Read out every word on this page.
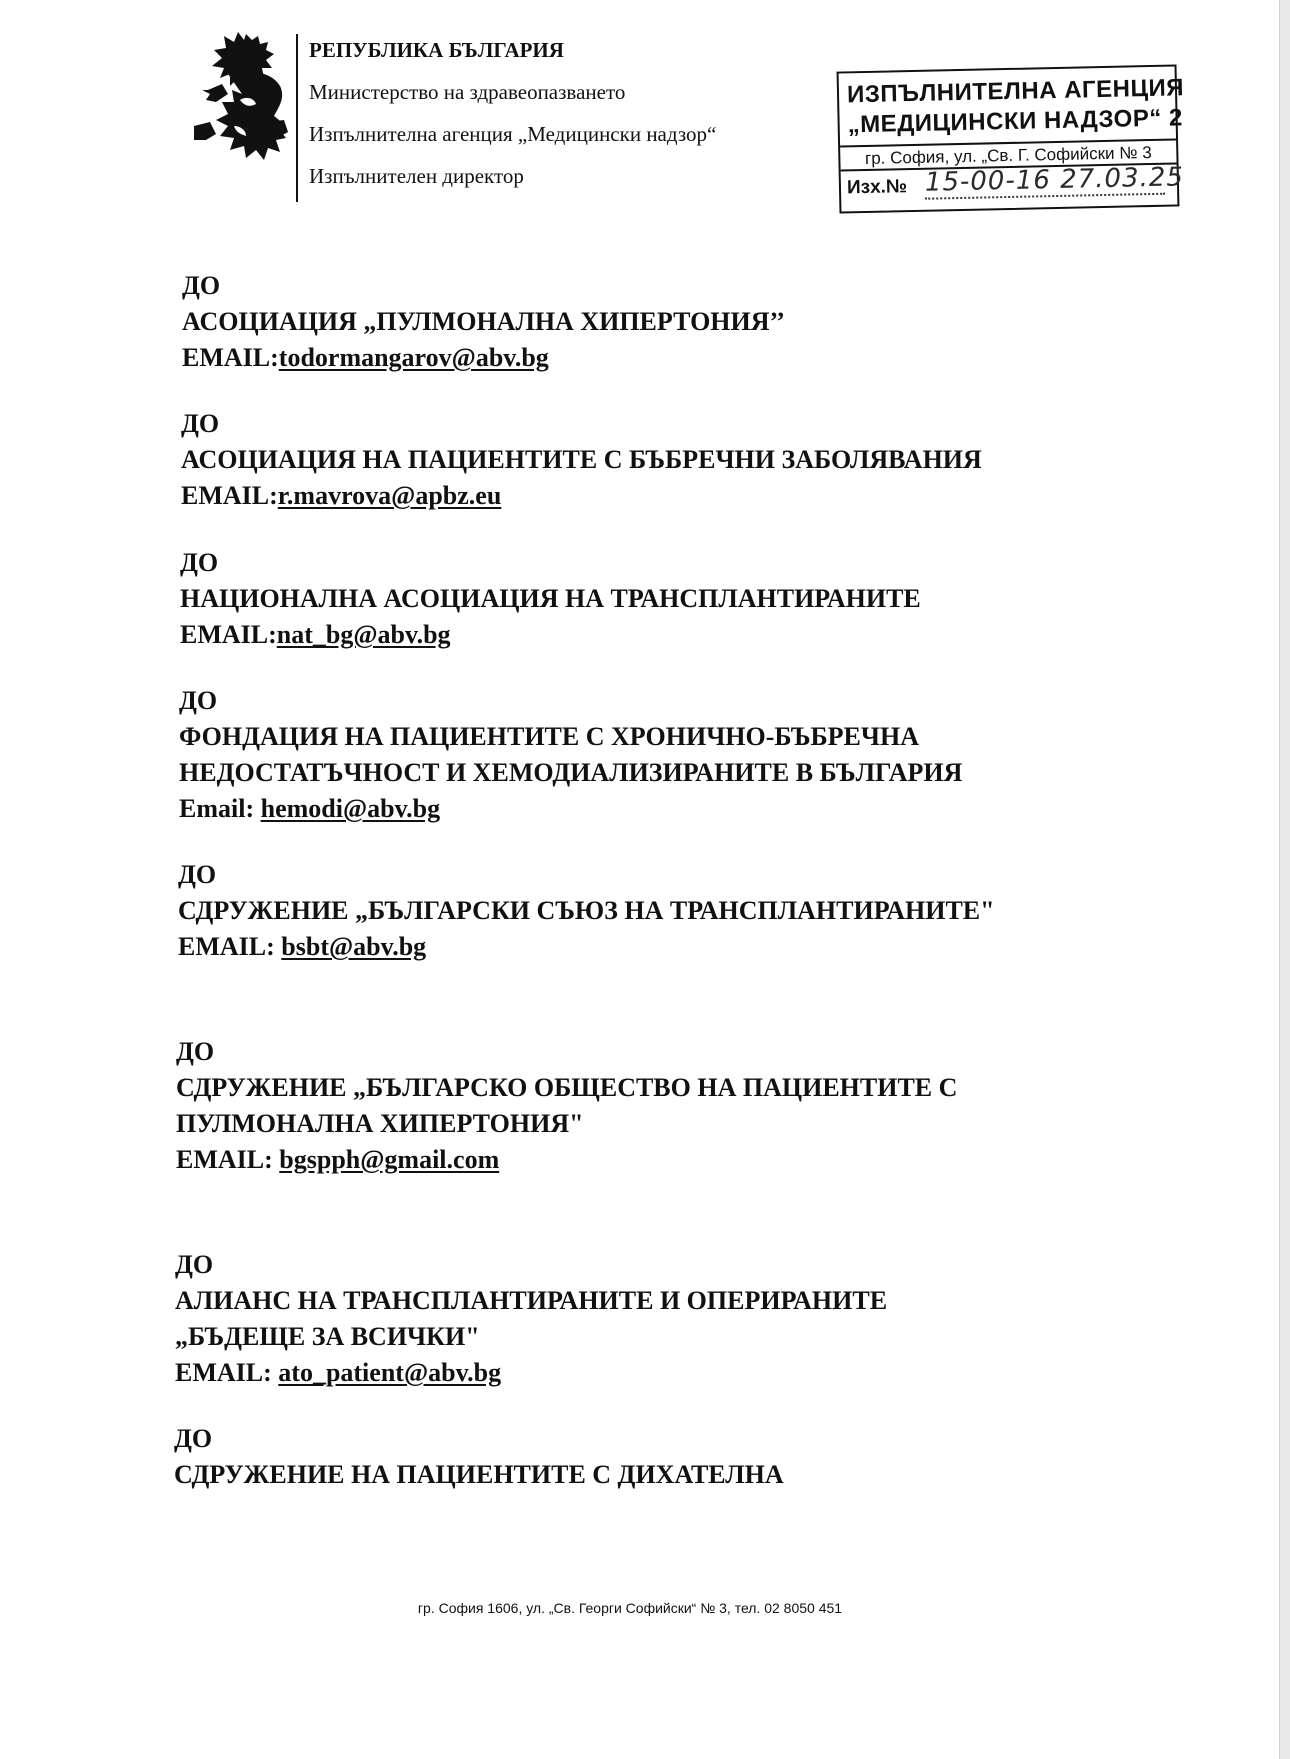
РЕПУБЛИКА БЪЛГАРИЯ
Министерство на здравеопазването
Изпълнителна агенция „Медицински надзор“
Изпълнителен директор
ИЗПЪЛНИТЕЛНА АГЕНЦИЯ
„МЕДИЦИНСКИ НАДЗОР“ 2
гр. София, ул. „Св. Г. Софийски № 3
Изх.№ 15-00-16 27.03.25
ДО
АСОЦИАЦИЯ „ПУЛМОНАЛНА ХИПЕРТОНИЯ’’
EMAIL:todormangarov@abv.bg
ДО
АСОЦИАЦИЯ НА ПАЦИЕНТИТЕ С БЪБРЕЧНИ ЗАБОЛЯВАНИЯ
EMAIL:r.mavrova@apbz.eu
ДО
НАЦИОНАЛНА АСОЦИАЦИЯ НА ТРАНСПЛАНТИРАНИТЕ
EMAIL:nat_bg@abv.bg
ДО
ФОНДАЦИЯ НА ПАЦИЕНТИТЕ С ХРОНИЧНО-БЪБРЕЧНА
НЕДОСТАТЪЧНОСТ И ХЕМОДИАЛИЗИРАНИТЕ В БЪЛГАРИЯ
Email: hemodi@abv.bg
ДО
СДРУЖЕНИЕ „БЪЛГАРСКИ СЪЮЗ НА ТРАНСПЛАНТИРАНИТЕ"
EMAIL: bsbt@abv.bg
ДО
СДРУЖЕНИЕ „БЪЛГАРСКО ОБЩЕСТВО НА ПАЦИЕНТИТЕ С
ПУЛМОНАЛНА ХИПЕРТОНИЯ"
EMAIL: bgspph@gmail.com
ДО
АЛИАНС НА ТРАНСПЛАНТИРАНИТЕ И ОПЕРИРАНИТЕ
„БЪДЕЩЕ ЗА ВСИЧКИ"
EMAIL: ato_patient@abv.bg
ДО
СДРУЖЕНИЕ НА ПАЦИЕНТИТЕ С ДИХАТЕЛНА
гр. София 1606, ул. „Св. Георги Софийски“ № 3, тел. 02 8050 451
